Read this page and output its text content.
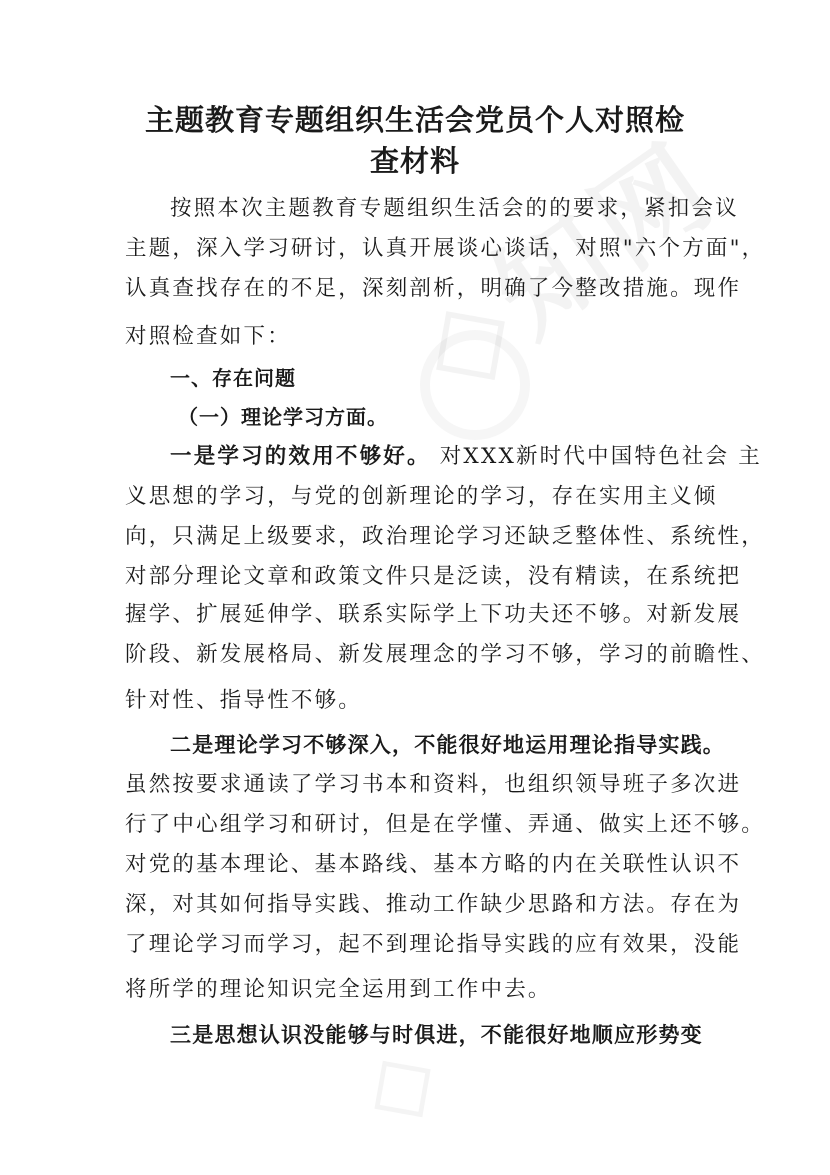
主题教育专题组织生活会党员个人对照检
查材料
按照本次主题教育专题组织生活会的的要求，紧扣会议
主题，深入学习研讨，认真开展谈心谈话，对照"六个方面"，
认真查找存在的不足，深刻剖析，明确了今整改措施。现作
对照检查如下：
一、存在问题
（一）理论学习方面。
一是学习的效用不够好。 对XXX新时代中国特色社会 主
义思想的学习，与党的创新理论的学习，存在实用主义倾
向，只满足上级要求，政治理论学习还缺乏整体性、系统性，
对部分理论文章和政策文件只是泛读，没有精读，在系统把
握学、扩展延伸学、联系实际学上下功夫还不够。对新发展
阶段、新发展格局、新发展理念的学习不够，学习的前瞻性、
针对性、指导性不够。
二是理论学习不够深入，不能很好地运用理论指导实践。
虽然按要求通读了学习书本和资料，也组织领导班子多次进
行了中心组学习和研讨，但是在学懂、弄通、做实上还不够。
对党的基本理论、基本路线、基本方略的内在关联性认识不
深，对其如何指导实践、推动工作缺少思路和方法。存在为
了理论学习而学习，起不到理论指导实践的应有效果，没能
将所学的理论知识完全运用到工作中去。
三是思想认识没能够与时俱进，不能很好地顺应形势变
